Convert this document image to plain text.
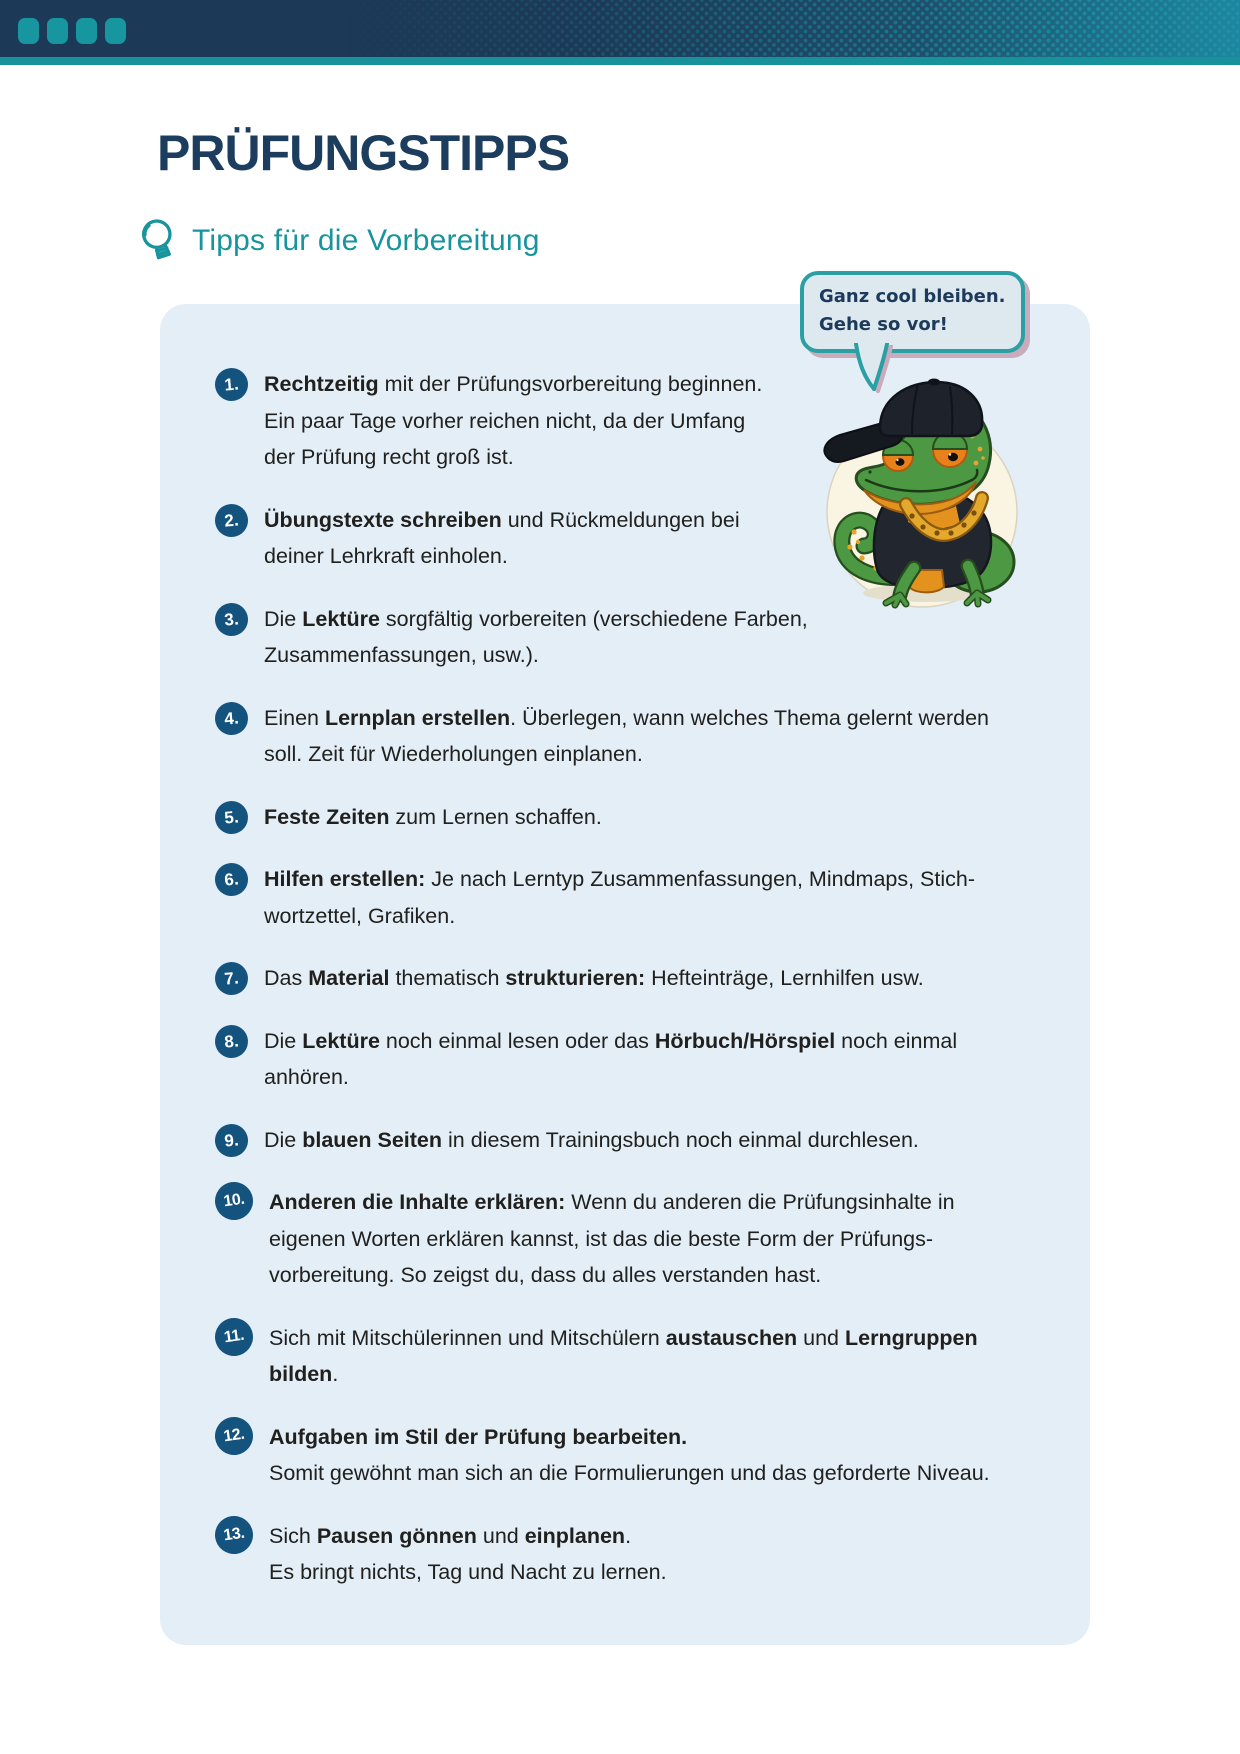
PRÜFUNGSTIPPS
Tipps für die Vorbereitung
1.	Rechtzeitig mit der Prüfungsvorbereitung beginnen.
Ein paar Tage vorher reichen nicht, da der Umfang
der Prüfung recht groß ist.

2.	Übungstexte schreiben und Rückmeldungen bei
deiner Lehrkraft einholen.

3.	Die Lektüre sorgfältig vorbereiten (verschiedene Farben,
Zusammenfassungen, usw.).

4.	Einen Lernplan erstellen. Überlegen, wann welches Thema gelernt werden
soll. Zeit für Wiederholungen einplanen.

5.	Feste Zeiten zum Lernen schaffen.

6.	Hilfen erstellen: Je nach Lerntyp Zusammenfassungen, Mindmaps, Stich-
wortzettel, Grafiken.

7.	Das Material thematisch strukturieren: Hefteinträge, Lernhilfen usw.

8.	Die Lektüre noch einmal lesen oder das Hörbuch/Hörspiel noch einmal
anhören.

9.	Die blauen Seiten in diesem Trainingsbuch noch einmal durchlesen.

10.	Anderen die Inhalte erklären: Wenn du anderen die Prüfungsinhalte in
eigenen Worten erklären kannst, ist das die beste Form der Prüfungs-
vorbereitung. So zeigst du, dass du alles verstanden hast.

11.	Sich mit Mitschülerinnen und Mitschülern austauschen und Lerngruppen
bilden.

12.	Aufgaben im Stil der Prüfung bearbeiten.
Somit gewöhnt man sich an die Formulierungen und das geforderte Niveau.

13.	Sich Pausen gönnen und einplanen.
Es bringt nichts, Tag und Nacht zu lernen.

Ganz cool bleiben.
Gehe so vor!
